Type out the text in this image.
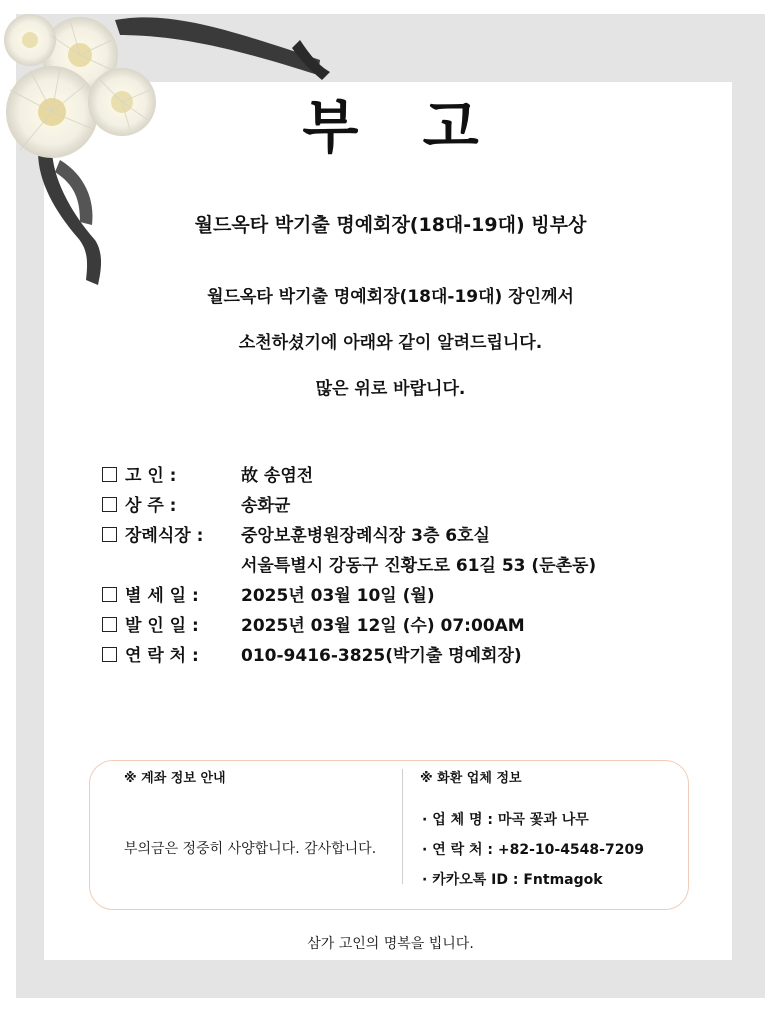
부 고
월드옥타 박기출 명예회장(18대-19대) 빙부상
월드옥타 박기출 명예회장(18대-19대) 장인께서
소천하셨기에 아래와 같이 알려드립니다.
많은 위로 바랍니다.
고 인 :	故 송염전
상 주 :	송화균
장례식장 : 중앙보훈병원장례식장 3층 6호실
서울특별시 강동구 진황도로 61길 53 (둔촌동)
별 세 일 : 2025년 03월 10일 (월)
발 인 일 : 2025년 03월 12일 (수) 07:00AM
연 락 처 : 010-9416-3825(박기출 명예회장)
※ 계좌 정보 안내
부의금은 정중히 사양합니다. 감사합니다.
※ 화환 업체 정보
· 업 체 명 : 마곡 꽃과 나무
· 연 락 처 : +82-10-4548-7209
· 카카오톡 ID : Fntmagok
삼가 고인의 명복을 빕니다.
